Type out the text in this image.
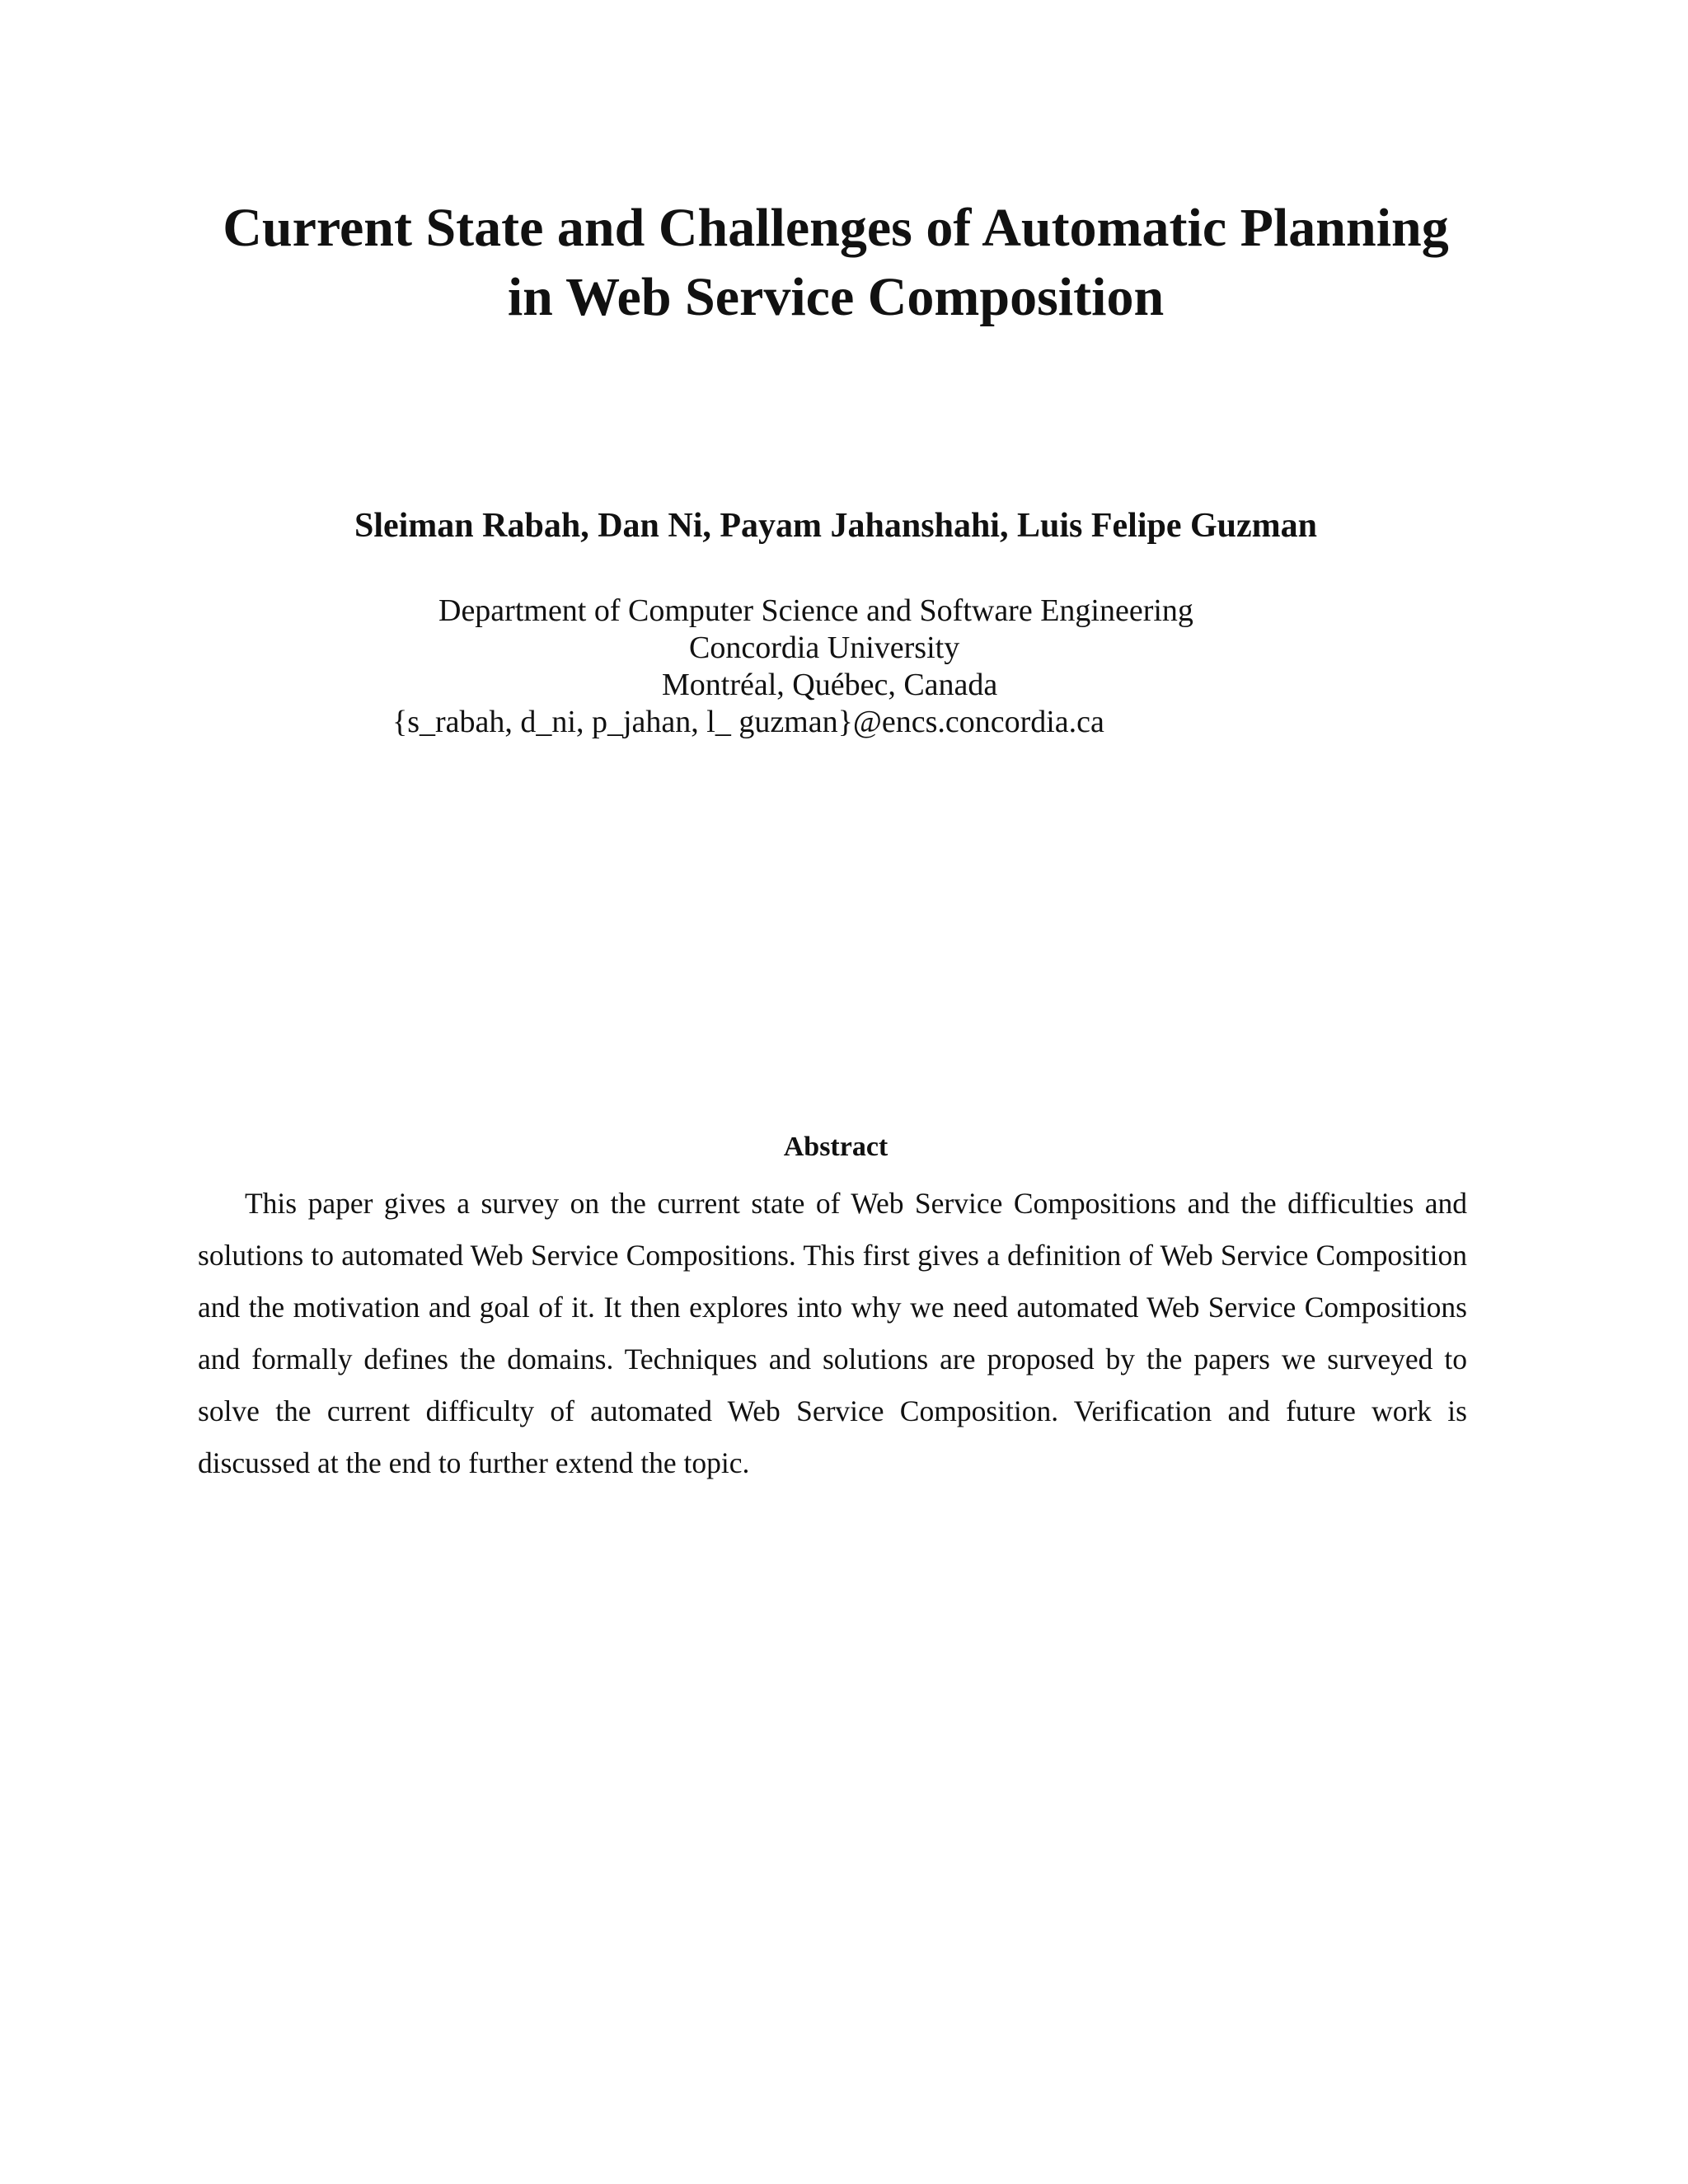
Current State and Challenges of Automatic Planning
in Web Service Composition

Sleiman Rabah, Dan Ni, Payam Jahanshahi, Luis Felipe Guzman

Department of Computer Science and Software Engineering

Concordia University

Montréal, Québec, Canada

{s_rabah, d_ni, p_jahan, l_ guzman}@encs.concordia.ca

Abstract

This paper gives a survey on the current state of Web Service Compositions and the difficulties and solutions to automated Web Service Compositions. This first gives a definition of Web Service Composition and the motivation and goal of it. It then explores into why we need automated Web Service Compositions and formally defines the domains. Techniques and solutions are proposed by the papers we surveyed to solve the current difficulty of automated Web Service Composition. Verification and future work is discussed at the end to further extend the topic.
